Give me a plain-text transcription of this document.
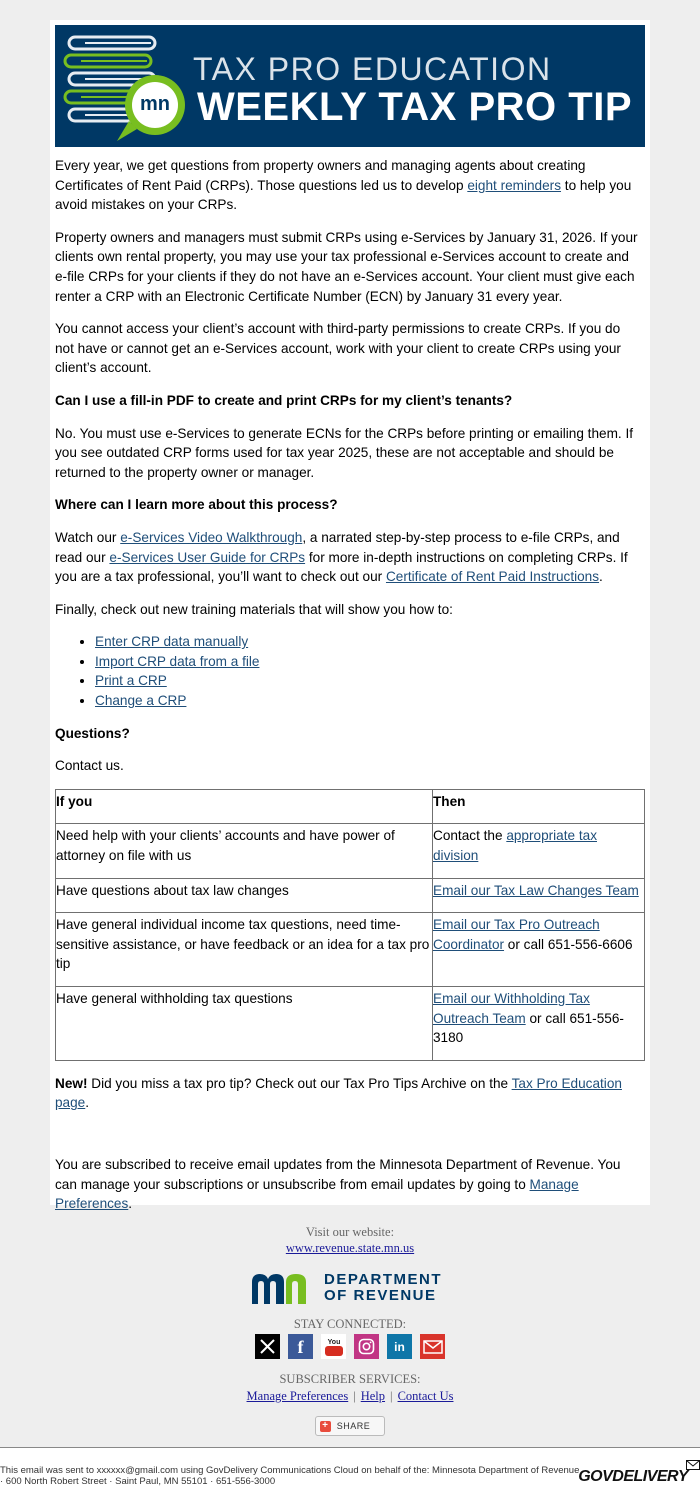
mn
TAX PRO EDUCATION
WEEKLY TAX PRO TIP

Every year, we get questions from property owners and managing agents about creating Certificates of Rent Paid (CRPs). Those questions led us to develop eight reminders to help you avoid mistakes on your CRPs.

Property owners and managers must submit CRPs using e-Services by January 31, 2026. If your clients own rental property, you may use your tax professional e-Services account to create and e-file CRPs for your clients if they do not have an e-Services account. Your client must give each renter a CRP with an Electronic Certificate Number (ECN) by January 31 every year.

You cannot access your client’s account with third-party permissions to create CRPs. If you do not have or cannot get an e-Services account, work with your client to create CRPs using your client’s account.

Can I use a fill-in PDF to create and print CRPs for my client’s tenants?

No. You must use e-Services to generate ECNs for the CRPs before printing or emailing them. If you see outdated CRP forms used for tax year 2025, these are not acceptable and should be returned to the property owner or manager.

Where can I learn more about this process?

Watch our e-Services Video Walkthrough, a narrated step-by-step process to e-file CRPs, and read our e-Services User Guide for CRPs for more in-depth instructions on completing CRPs. If you are a tax professional, you’ll want to check out our Certificate of Rent Paid Instructions.

Finally, check out new training materials that will show you how to:

• Enter CRP data manually
• Import CRP data from a file
• Print a CRP
• Change a CRP

Questions?

Contact us.

If you	Then
Need help with your clients’ accounts and have power of attorney on file with us	Contact the appropriate tax division
Have questions about tax law changes	Email our Tax Law Changes Team
Have general individual income tax questions, need time-sensitive assistance, or have feedback or an idea for a tax pro tip	Email our Tax Pro Outreach Coordinator or call 651-556-6606
Have general withholding tax questions	Email our Withholding Tax Outreach Team or call 651-556-3180

New! Did you miss a tax pro tip? Check out our Tax Pro Tips Archive on the Tax Pro Education page.

You are subscribed to receive email updates from the Minnesota Department of Revenue. You can manage your subscriptions or unsubscribe from email updates by going to Manage Preferences.

Visit our website:
www.revenue.state.mn.us
DEPARTMENT
OF REVENUE
STAY CONNECTED:
f	You	in
SUBSCRIBER SERVICES:
Manage Preferences | Help | Contact Us
+ SHARE
This email was sent to xxxxxx@gmail.com using GovDelivery Communications Cloud on behalf of the: Minnesota Department of Revenue · 600 North Robert Street · Saint Paul, MN 55101 · 651-556-3000	GOVDELIVERY
